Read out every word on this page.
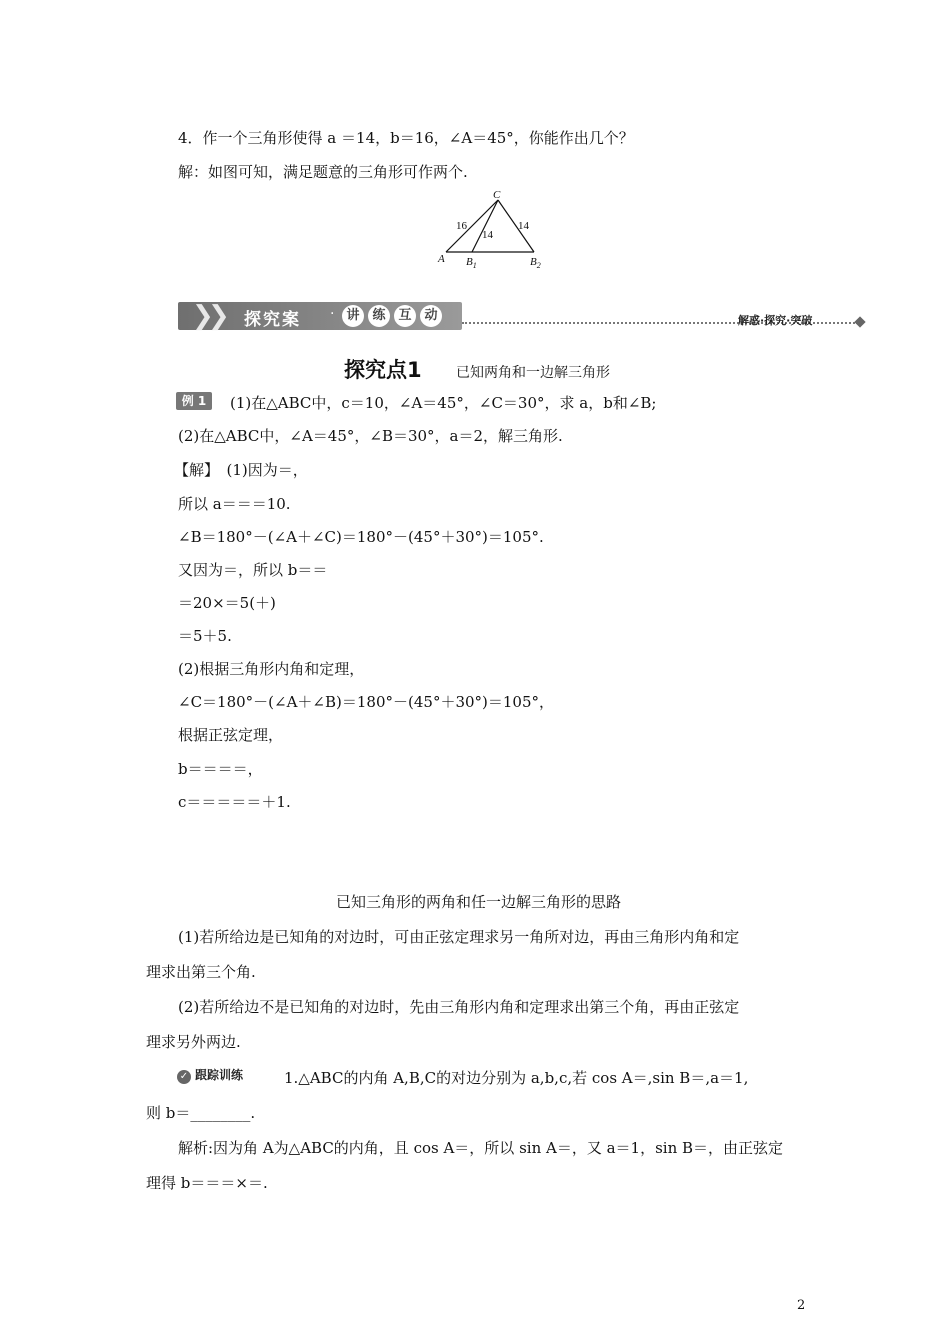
4．作一个三角形使得 a ＝14，b＝16，∠A＝45°，你能作出几个？
解：如图可知，满足题意的三角形可作两个.
C
A $B_1$	$B_2$
16
14
14
❯
❯ 探究案 · 讲 练 互 动	解惑·探究·突破
探究点1 已知两角和一边解三角形
例 1	(1)在△ABC中，c＝10，∠A＝45°，∠C＝30°，求 a，b和∠B;
(2)在△ABC中，∠A＝45°，∠B＝30°，a＝2，解三角形.
【解】　(1)因为＝，
所以 a＝＝＝10.
∠B＝180°－(∠A＋∠C)＝180°－(45°＋30°)＝105°.
又因为＝，所以 b＝＝
＝20×＝5(＋)
＝5＋5.
(2)根据三角形内角和定理，
∠C＝180°－(∠A＋∠B)＝180°－(45°＋30°)＝105°，
根据正弦定理，
b＝＝＝＝，
c＝＝＝＝＝＋1.
已知三角形的两角和任一边解三角形的思路
(1)若所给边是已知角的对边时，可由正弦定理求另一角所对边，再由三角形内角和定
理求出第三个角.
(2)若所给边不是已知角的对边时，先由三角形内角和定理求出第三个角，再由正弦定
理求另外两边.
✓ 跟踪训练	1.△ABC的内角 A,B,C的对边分别为 a,b,c,若 cos A＝,sin B＝,a＝1,
则 b＝________.
解析:因为角 A为△ABC的内角，且 cos A＝，所以 sin A＝，又 a＝1，sin B＝，由正弦定
理得 b＝＝＝×＝.
2
